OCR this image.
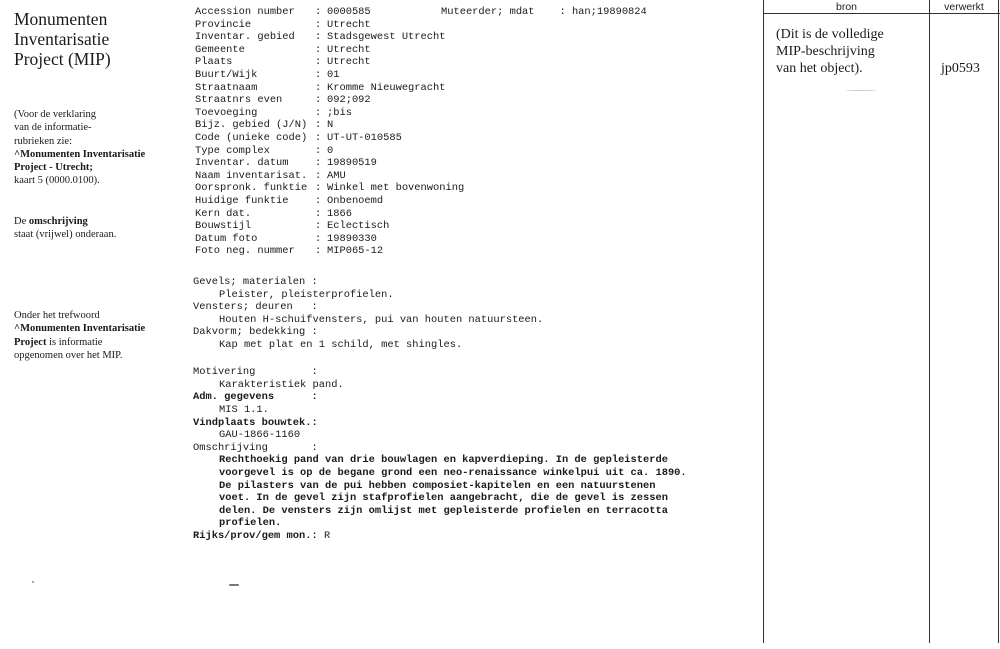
Monumenten
Inventarisatie
Project (MIP)
(Voor de verklaring
van de informatie-
rubrieken zie:
^Monumenten Inventarisatie
Project - Utrecht;
kaart 5 (0000.0100).
De omschrijving
staat (vrijwel) onderaan.
Onder het trefwoord
^Monumenten Inventarisatie
Project is informatie
opgenomen over het MIP.
Accession number : 0000585
Provincie	: Utrecht
Inventar. gebied : Stadsgewest Utrecht
Gemeente	: Utrecht
Plaats	: Utrecht
Buurt/Wijk	: 01
Straatnaam	: Kromme Nieuwegracht
Straatnrs even	: 092;092
Toevoeging	: ;bis
Bijz. gebied (J/N) : N
Code (unieke code) : UT-UT-010585
Type complex	: 0
Inventar. datum	: 19890519
Naam inventarisat. : AMU
Oorspronk. funktie : Winkel met bovenwoning
Huidige funktie	: Onbenoemd
Kern dat.	: 1866
Bouwstijl	: Eclectisch
Datum foto	: 19890330
Foto neg. nummer : MIP065-12
Muteerder; mdat    : han;19890824
Gevels; materialen :
Pleister, pleisterprofielen.
Vensters; deuren   :
Houten H-schuifvensters, pui van houten natuursteen.
Dakvorm; bedekking :
Kap met plat en 1 schild, met shingles.
Motivering         :
Karakteristiek pand.
Adm. gegevens      :
MIS 1.1.
Vindplaats bouwtek.:
GAU-1866-1160
Omschrijving       :
Rechthoekig pand van drie bouwlagen en kapverdieping. In de gepleisterde
voorgevel is op de begane grond een neo-renaissance winkelpui uit ca. 1890.
De pilasters van de pui hebben composiet-kapitelen en een natuurstenen
voet. In de gevel zijn stafprofielen aangebracht, die de gevel is zessen
delen. De vensters zijn omlijst met gepleisterde profielen en terracotta
profielen.
Rijks/prov/gem mon.: R
bron	verwerkt
(Dit is de volledige
MIP-beschrijving
van het object).	jp0593
